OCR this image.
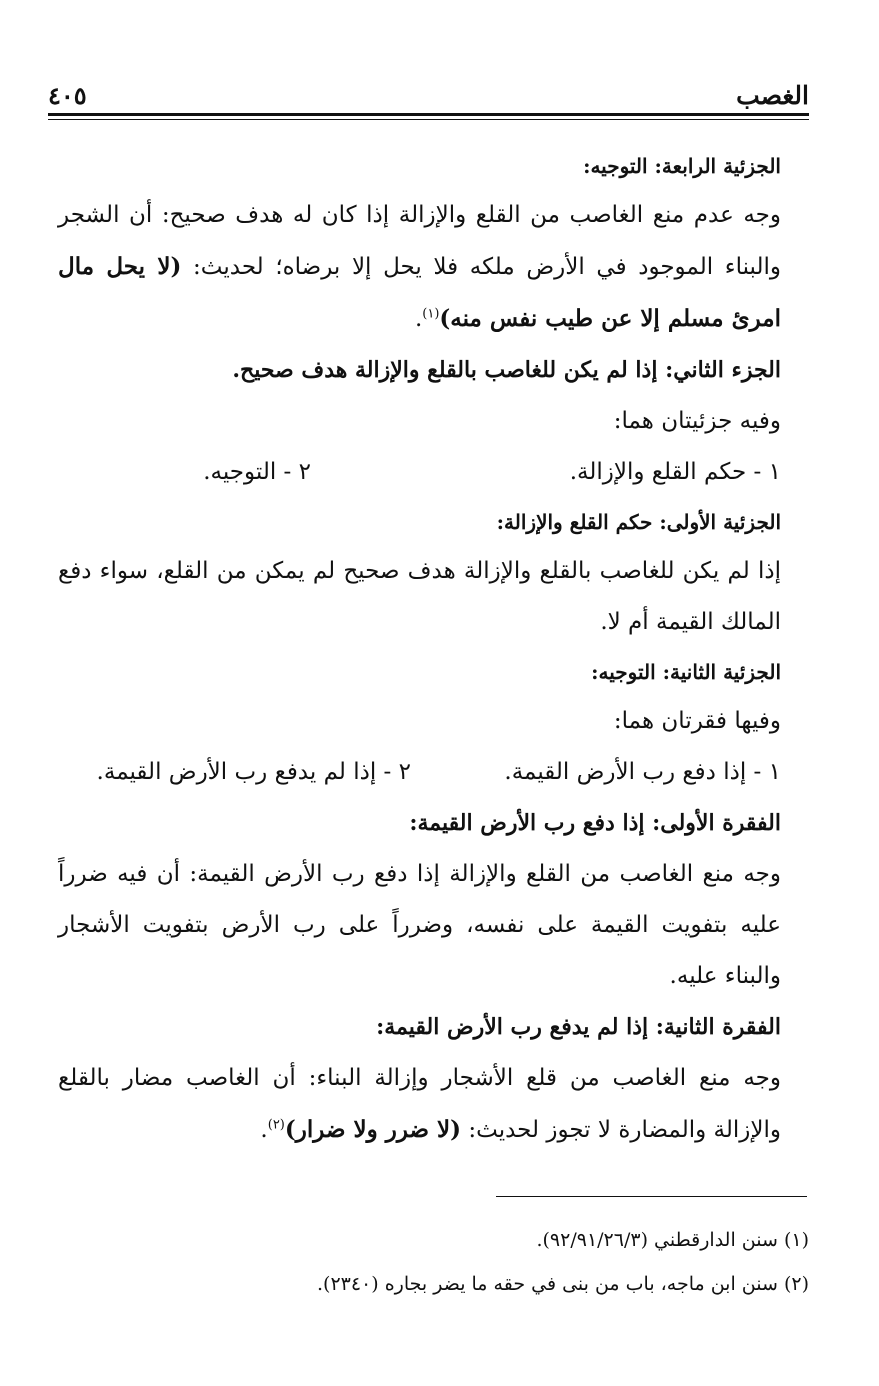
الغصب
٤٠٥

الجزئية الرابعة: التوجيه:

وجه عدم منع الغاصب من القلع والإزالة إذا كان له هدف صحيح: أن الشجر والبناء الموجود في الأرض ملكه فلا يحل إلا برضاه؛ لحديث: (لا يحل مال امرئ مسلم إلا عن طيب نفس منه)$^{(١)}$.

الجزء الثاني: إذا لم يكن للغاصب بالقلع والإزالة هدف صحيح.

وفيه جزئيتان هما:

١ - حكم القلع والإزالة.
٢ - التوجيه.

الجزئية الأولى: حكم القلع والإزالة:

إذا لم يكن للغاصب بالقلع والإزالة هدف صحيح لم يمكن من القلع، سواء دفع المالك القيمة أم لا.

الجزئية الثانية: التوجيه:

وفيها فقرتان هما:

١ - إذا دفع رب الأرض القيمة.
٢ - إذا لم يدفع رب الأرض القيمة.

الفقرة الأولى: إذا دفع رب الأرض القيمة:

وجه منع الغاصب من القلع والإزالة إذا دفع رب الأرض القيمة: أن فيه ضرراً عليه بتفويت القيمة على نفسه، وضرراً على رب الأرض بتفويت الأشجار والبناء عليه.

الفقرة الثانية: إذا لم يدفع رب الأرض القيمة:

وجه منع الغاصب من قلع الأشجار وإزالة البناء: أن الغاصب مضار بالقلع والإزالة والمضارة لا تجوز لحديث: (لا ضرر ولا ضرار)$^{(٢)}$.

(١) سنن الدارقطني (٩٢/٩١/٢٦/٣).

(٢) سنن ابن ماجه، باب من بنى في حقه ما يضر بجاره (٢٣٤٠).
